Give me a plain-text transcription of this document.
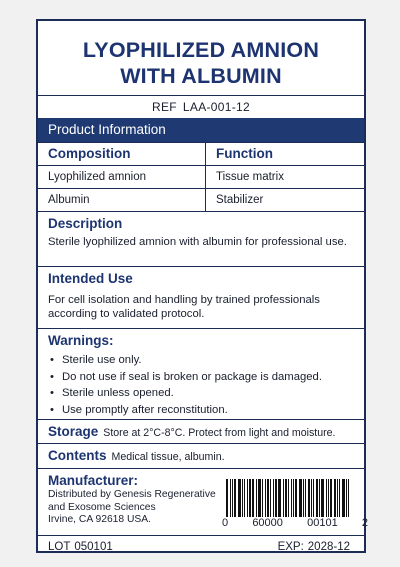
LYOPHILIZED AMNION
WITH ALBUMIN
REF LAA-001-12
Product Information
Composition	Function
Lyophilized amnion	Tissue matrix
Albumin	Stabilizer
Description

Sterile lyophilized amnion with albumin for professional use.

Intended Use

For cell isolation and handling by trained professionals according to validated protocol.

Warnings:
• Sterile use only.
• Do not use if seal is broken or package is damaged.
• Sterile unless opened.
• Use promptly after reconstitution.
Storage Store at 2°C-8°C. Protect from light and moisture.
Contents Medical tissue, albumin.
Manufacturer:
Distributed by Genesis Regenerative
and Exosome Sciences
Irvine, CA 92618 USA.	0 60000 00101 2
LOT 050101	EXP: 2028-12
